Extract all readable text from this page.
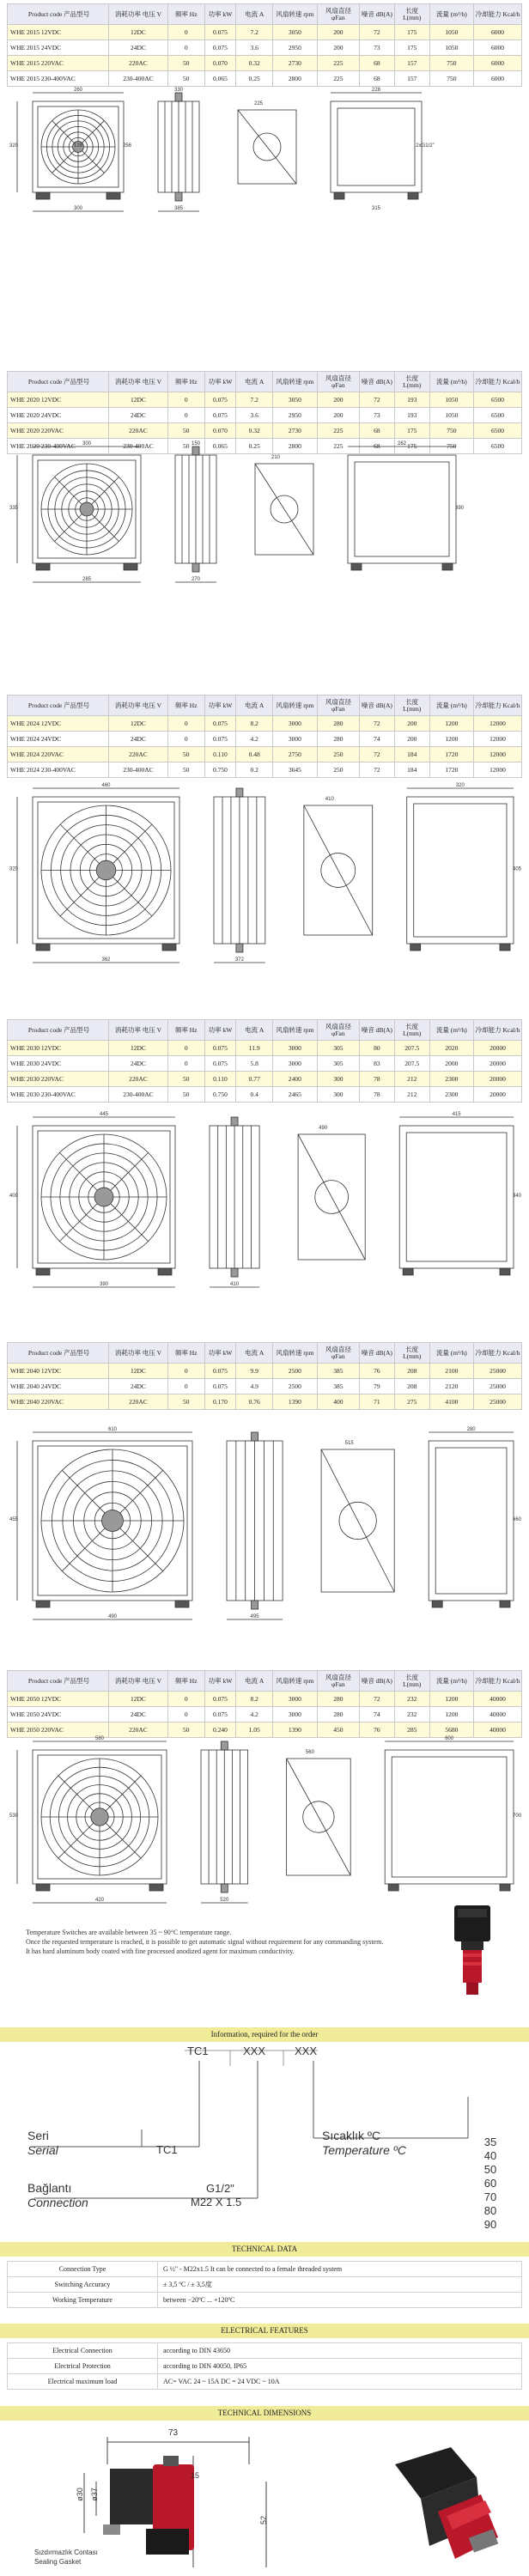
Product code 产品型号	消耗功率 电压 V	频率 Hz	功率 kW	电流 A	风扇转速 rpm	风扇直径 φFan	噪音 dB(A)	长度 L(mm)	流量 (m³/h)	冷却能力 Kcal/h
WHE 2015 12VDC	12DC	0	0.075	7.2	3050	200	72	175	1050	6000
WHE 2015 24VDC	24DC	0	0.075	3.6	2950	200	73	175	1050	6000
WHE 2015 220VAC	220AC	50	0.070	0.32	2730	225	68	157	750	6000
WHE 2015 230-400VAC	230-400AC	50	0.065	0.25	2800	225	68	157	750	6000
Product code 产品型号	消耗功率 电压 V	频率 Hz	功率 kW	电流 A	风扇转速 rpm	风扇直径 φFan	噪音 dB(A)	长度 L(mm)	流量 (m³/h)	冷却能力 Kcal/h
WHE 2020 12VDC	12DC	0	0.075	7.2	3050	200	72	193	1050	6500
WHE 2020 24VDC	24DC	0	0.075	3.6	2950	200	73	193	1050	6500
WHE 2020 220VAC	220AC	50	0.070	0.32	2730	225	68	175	750	6500
WHE 2020 230-400VAC	230-400AC	50	0.065	0.25	2800	225	68	175	750	6500
Product code 产品型号	消耗功率 电压 V	频率 Hz	功率 kW	电流 A	风扇转速 rpm	风扇直径 φFan	噪音 dB(A)	长度 L(mm)	流量 (m³/h)	冷却能力 Kcal/h
WHE 2024 12VDC	12DC	0	0.075	8.2	3000	280	72	200	1200	12000
WHE 2024 24VDC	24DC	0	0.075	4.2	3000	280	74	200	1200	12000
WHE 2024 220VAC	220AC	50	0.110	0.48	2750	250	72	184	1720	12000
WHE 2024 230-400VAC	230-400AC	50	0.750	0.2	3645	250	72	184	1720	12000
Product code 产品型号	消耗功率 电压 V	频率 Hz	功率 kW	电流 A	风扇转速 rpm	风扇直径 φFan	噪音 dB(A)	长度 L(mm)	流量 (m³/h)	冷却能力 Kcal/h
WHE 2030 12VDC	12DC	0	0.075	11.9	3000	305	80	207.5	2020	20000
WHE 2030 24VDC	24DC	0	0.075	5.8	3000	305	83	207.5	2000	20000
WHE 2030 220VAC	220AC	50	0.110	0.77	2400	300	78	212	2300	20000
WHE 2030 230-400VAC	230-400AC	50	0.750	0.4	2465	300	78	212	2300	20000
Product code 产品型号	消耗功率 电压 V	频率 Hz	功率 kW	电流 A	风扇转速 rpm	风扇直径 φFan	噪音 dB(A)	长度 L(mm)	流量 (m³/h)	冷却能力 Kcal/h
WHE 2040 12VDC	12DC	0	0.075	9.9	2500	385	76	208	2100	25000
WHE 2040 24VDC	24DC	0	0.075	4.9	2500	385	79	208	2120	25000
WHE 2040 220VAC	220AC	50	0.170	0.76	1390	400	71	275	4100	25000
Product code 产品型号	消耗功率 电压 V	频率 Hz	功率 kW	电流 A	风扇转速 rpm	风扇直径 φFan	噪音 dB(A)	长度 L(mm)	流量 (m³/h)	冷却能力 Kcal/h
WHE 2050 12VDC	12DC	0	0.075	8.2	3000	280	72	232	1200	40000
WHE 2050 24VDC	24DC	0	0.075	4.2	3000	280	74	232	1200	40000
WHE 2050 220VAC	220AC	50	0.240	1.05	1390	450	76	285	5680	40000
260
320
300	385
225
228
2xG1/2"
330
128	256
315
300
335
285	270
210
262
390
150
460
320
362	372
410
320
405
445
400
390	410
490
415
340
610
455
490	495
515
280
660
580
530
420	520
560
600
700
Temperature Switches are available between 35 ~ 90°C temperature range.
Once the requested temperature is reached, it is possible to get automatic signal without requirement for any commanding system.
It has hard aluminum body coated with fine processed anodized agent for maximum conductivity.
Information, required for the order
TC1	XXX	XXX
Seri
Serial	TC1
Sıcaklık ºC
Temperature ºC
35
40
50
60
70
80
90
Bağlantı
Connection
G1/2"
M22 X 1.5
TECHNICAL DATA
Connection Type	G ½" - M22x1.5 It can be connected to a female threaded system
Switching Accuracy	± 3,5 ºC / ± 3,5度
Working Temperature	between −20ºC ... +120ºC
ELECTRICAL FEATURES
Electrical Connection	according to DIN 43650
Electrical Protection	according to DIN 40050, IP65
Electrical maximum load	AC= VAC 24 ~ 15A DC = 24 VDC ~ 10A
TECHNICAL DIMENSIONS
73
ø30 ø37
15
52
Sızdırmazlık Contası
Sealing Gasket
